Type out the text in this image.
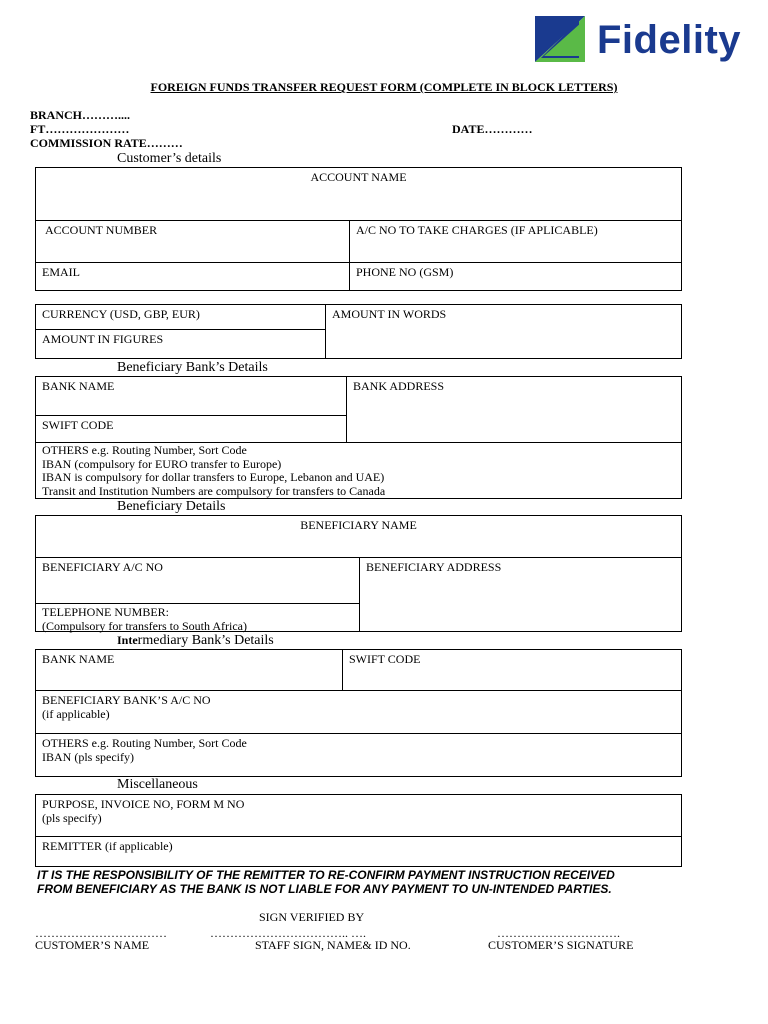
Fidelity
FOREIGN FUNDS TRANSFER REQUEST FORM (COMPLETE IN BLOCK LETTERS)
BRANCH………....
FT…………………	DATE…………
COMMISSION RATE………
Customer’s details
ACCOUNT NAME
ACCOUNT NUMBER	A/C NO TO TAKE CHARGES (IF APLICABLE)
EMAIL	PHONE NO (GSM)
CURRENCY (USD, GBP, EUR)
AMOUNT IN FIGURES
AMOUNT IN WORDS
Beneficiary Bank’s Details
BANK NAME
SWIFT CODE
BANK ADDRESS
OTHERS e.g. Routing Number, Sort Code
IBAN (compulsory for EURO transfer to Europe)
IBAN is compulsory for dollar transfers to Europe, Lebanon and UAE)
Transit and Institution Numbers are compulsory for transfers to Canada
Beneficiary Details
BENEFICIARY NAME
BENEFICIARY A/C NO	BENEFICIARY ADDRESS
TELEPHONE NUMBER:
(Compulsory for transfers to South Africa)
Intermediary Bank’s Details
BANK NAME	SWIFT CODE
BENEFICIARY BANK’S A/C NO
(if applicable)
OTHERS e.g. Routing Number, Sort Code
IBAN (pls specify)
Miscellaneous
PURPOSE, INVOICE NO, FORM M NO
(pls specify)
REMITTER (if applicable)
IT IS THE RESPONSIBILITY OF THE REMITTER TO RE-CONFIRM PAYMENT INSTRUCTION RECEIVED
FROM BENEFICIARY AS THE BANK IS NOT LIABLE FOR ANY PAYMENT TO UN-INTENDED PARTIES.
SIGN VERIFIED BY
……………………………	…………………………….. ….	………………………….
CUSTOMER’S NAME	STAFF SIGN, NAME& ID NO.	CUSTOMER’S SIGNATURE
